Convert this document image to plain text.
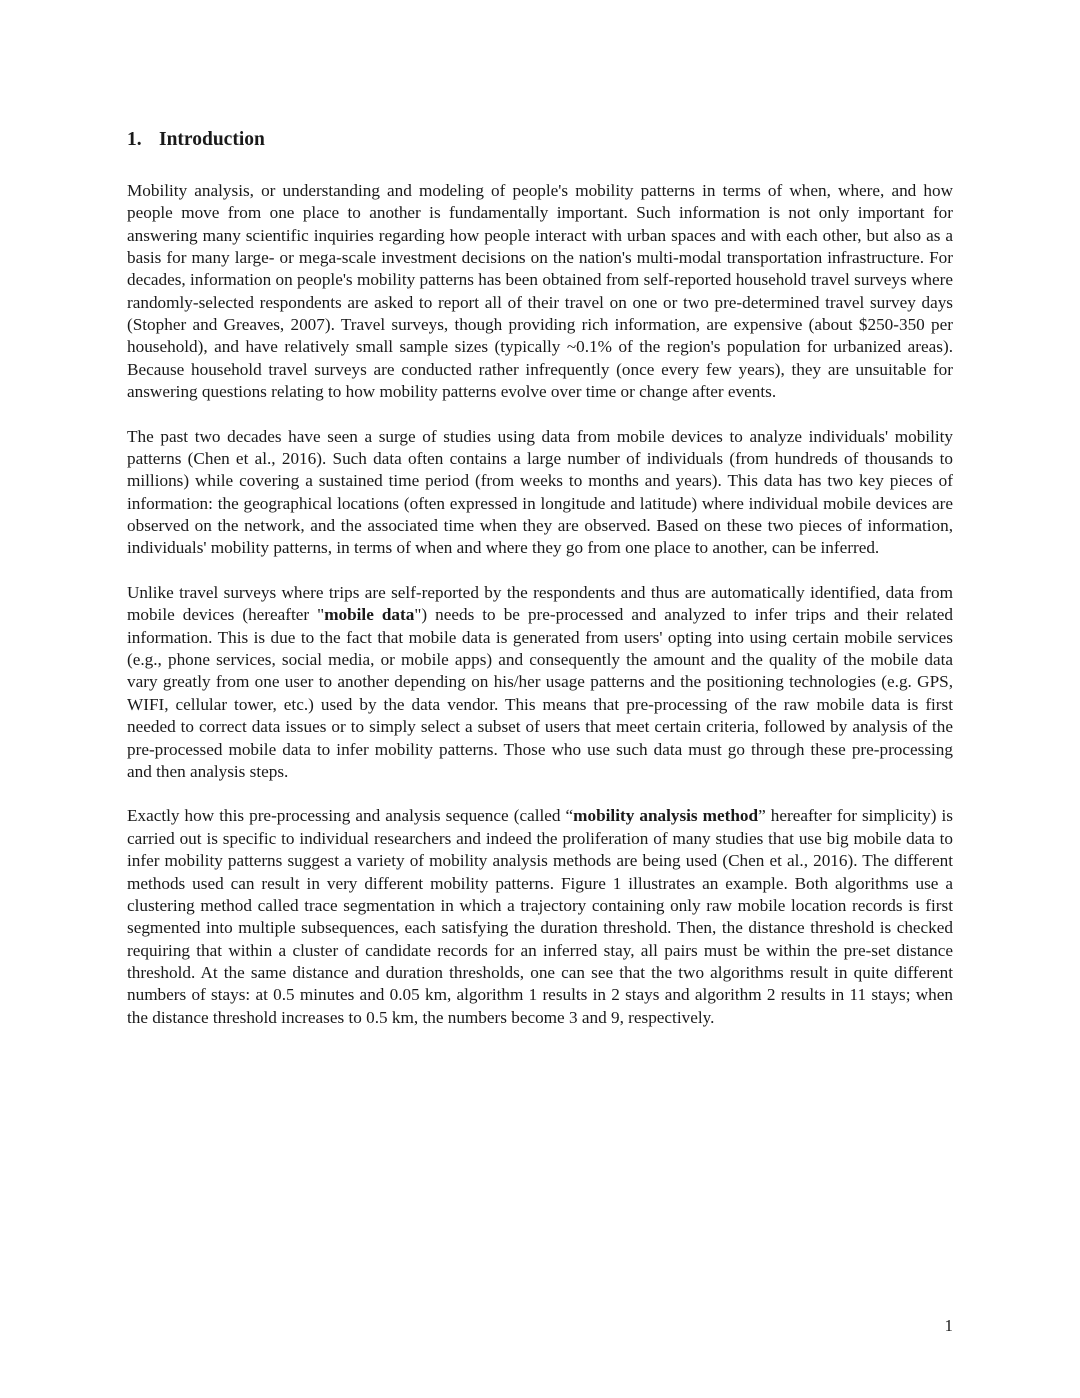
1. Introduction

Mobility analysis, or understanding and modeling of people's mobility patterns in terms of when, where, and how people move from one place to another is fundamentally important. Such information is not only important for answering many scientific inquiries regarding how people interact with urban spaces and with each other, but also as a basis for many large- or mega-scale investment decisions on the nation's multi-modal transportation infrastructure. For decades, information on people's mobility patterns has been obtained from self-reported household travel surveys where randomly-selected respondents are asked to report all of their travel on one or two pre-determined travel survey days (Stopher and Greaves, 2007). Travel surveys, though providing rich information, are expensive (about $250-350 per household), and have relatively small sample sizes (typically ~0.1% of the region's population for urbanized areas). Because household travel surveys are conducted rather infrequently (once every few years), they are unsuitable for answering questions relating to how mobility patterns evolve over time or change after events.

The past two decades have seen a surge of studies using data from mobile devices to analyze individuals' mobility patterns (Chen et al., 2016). Such data often contains a large number of individuals (from hundreds of thousands to millions) while covering a sustained time period (from weeks to months and years). This data has two key pieces of information: the geographical locations (often expressed in longitude and latitude) where individual mobile devices are observed on the network, and the associated time when they are observed. Based on these two pieces of information, individuals' mobility patterns, in terms of when and where they go from one place to another, can be inferred.

Unlike travel surveys where trips are self-reported by the respondents and thus are automatically identified, data from mobile devices (hereafter "mobile data") needs to be pre-processed and analyzed to infer trips and their related information. This is due to the fact that mobile data is generated from users' opting into using certain mobile services (e.g., phone services, social media, or mobile apps) and consequently the amount and the quality of the mobile data vary greatly from one user to another depending on his/her usage patterns and the positioning technologies (e.g. GPS, WIFI, cellular tower, etc.) used by the data vendor. This means that pre-processing of the raw mobile data is first needed to correct data issues or to simply select a subset of users that meet certain criteria, followed by analysis of the pre-processed mobile data to infer mobility patterns. Those who use such data must go through these pre-processing and then analysis steps.

Exactly how this pre-processing and analysis sequence (called “mobility analysis method” hereafter for simplicity) is carried out is specific to individual researchers and indeed the proliferation of many studies that use big mobile data to infer mobility patterns suggest a variety of mobility analysis methods are being used (Chen et al., 2016). The different methods used can result in very different mobility patterns. Figure 1 illustrates an example. Both algorithms use a clustering method called trace segmentation in which a trajectory containing only raw mobile location records is first segmented into multiple subsequences, each satisfying the duration threshold. Then, the distance threshold is checked requiring that within a cluster of candidate records for an inferred stay, all pairs must be within the pre-set distance threshold. At the same distance and duration thresholds, one can see that the two algorithms result in quite different numbers of stays: at 0.5 minutes and 0.05 km, algorithm 1 results in 2 stays and algorithm 2 results in 11 stays; when the distance threshold increases to 0.5 km, the numbers become 3 and 9, respectively.

1
